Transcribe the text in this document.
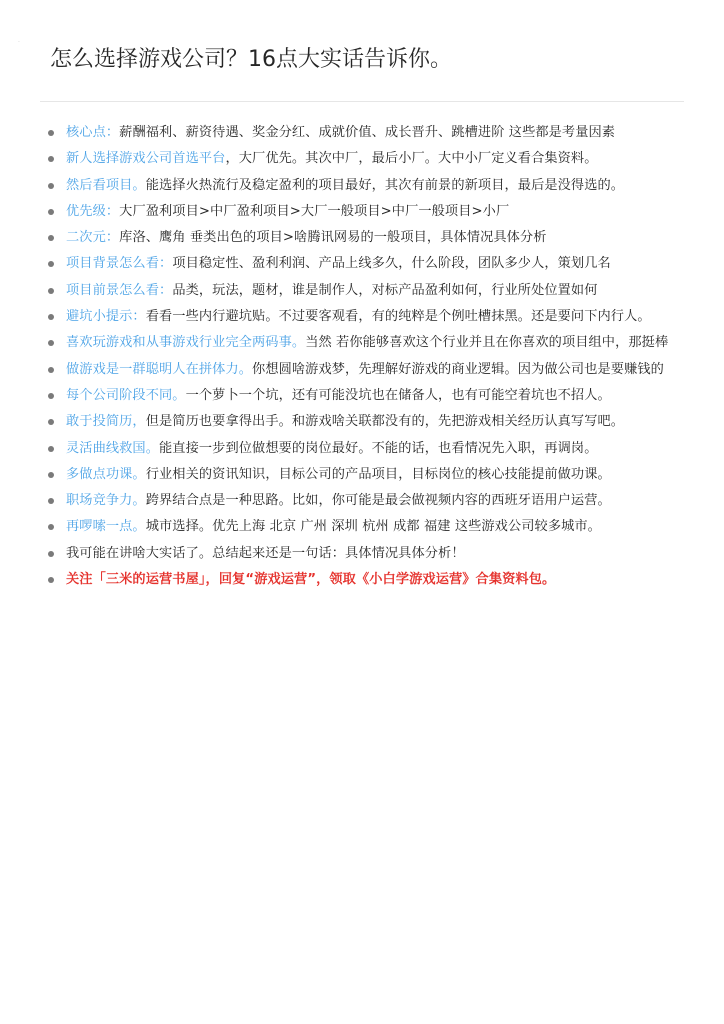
·
怎么选择游戏公司？16点大实话告诉你。
核心点：薪酬福利、薪资待遇、奖金分红、成就价值、成长晋升、跳槽进阶 这些都是考量因素
新人选择游戏公司首选平台，大厂优先。其次中厂，最后小厂。大中小厂定义看合集资料。
然后看项目。能选择火热流行及稳定盈利的项目最好，其次有前景的新项目，最后是没得选的。
优先级：大厂盈利项目>中厂盈利项目>大厂一般项目>中厂一般项目>小厂
二次元：库洛、鹰角 垂类出色的项目>啥腾讯网易的一般项目，具体情况具体分析
项目背景怎么看：项目稳定性、盈利利润、产品上线多久，什么阶段，团队多少人，策划几名
项目前景怎么看：品类，玩法，题材，谁是制作人，对标产品盈利如何，行业所处位置如何
避坑小提示：看看一些内行避坑贴。不过要客观看，有的纯粹是个例吐槽抹黑。还是要问下内行人。
喜欢玩游戏和从事游戏行业完全两码事。当然 若你能够喜欢这个行业并且在你喜欢的项目组中，那挺棒
做游戏是一群聪明人在拼体力。你想圆啥游戏梦，先理解好游戏的商业逻辑。因为做公司也是要赚钱的
每个公司阶段不同。一个萝卜一个坑，还有可能没坑也在储备人，也有可能空着坑也不招人。
敢于投简历，但是简历也要拿得出手。和游戏啥关联都没有的，先把游戏相关经历认真写写吧。
灵活曲线救国。能直接一步到位做想要的岗位最好。不能的话，也看情况先入职，再调岗。
多做点功课。行业相关的资讯知识，目标公司的产品项目，目标岗位的核心技能提前做功课。
职场竞争力。跨界结合点是一种思路。比如，你可能是最会做视频内容的西班牙语用户运营。
再啰嗦一点。城市选择。优先上海 北京 广州 深圳 杭州 成都 福建 这些游戏公司较多城市。
我可能在讲啥大实话了。总结起来还是一句话：具体情况具体分析！
关注「三米的运营书屋」，回复“游戏运营”，领取《小白学游戏运营》合集资料包。
